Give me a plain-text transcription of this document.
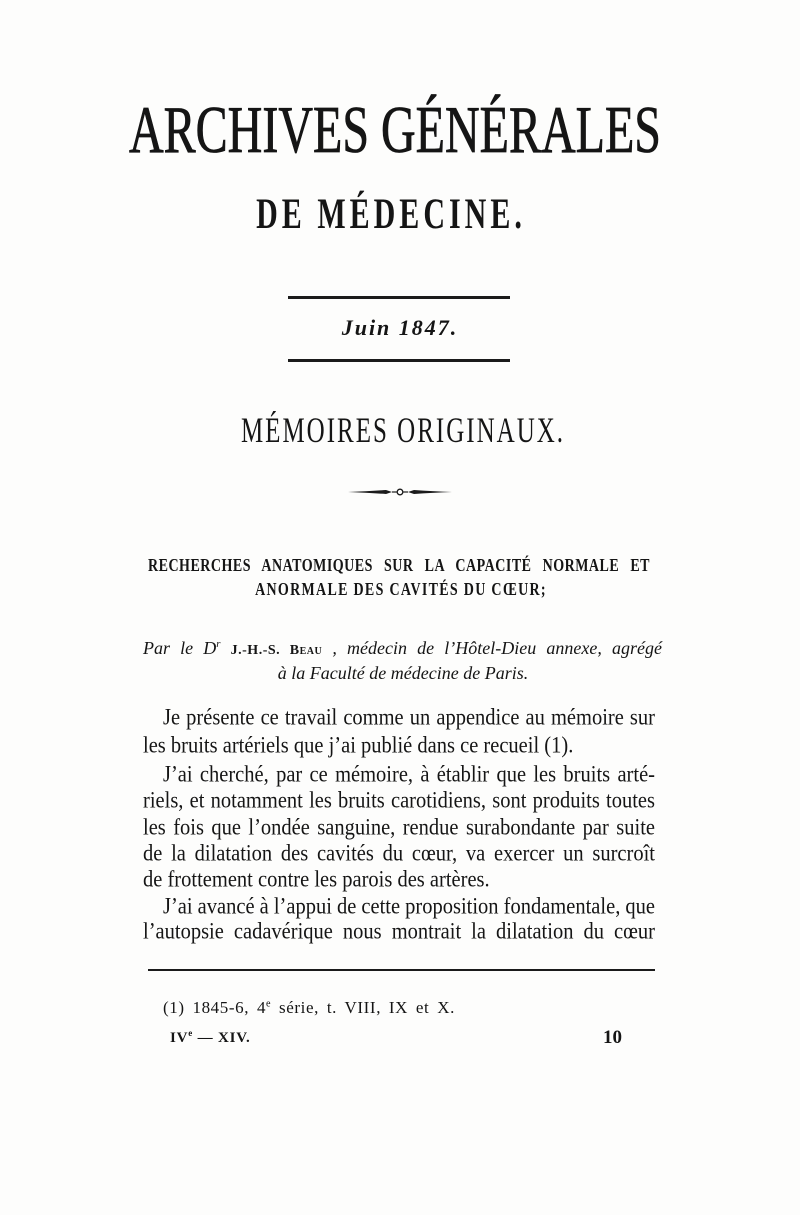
ARCHIVES GÉNÉRALES
DE MÉDECINE.
Juin 1847.
MÉMOIRES ORIGINAUX.
RECHERCHES ANATOMIQUES SUR LA CAPACITÉ NORMALE ET
ANORMALE DES CAVITÉS DU CŒUR;
Par le $D^r$ J.-H.-S. Beau , médecin de l’Hôtel-Dieu annexe, agrégé
à la Faculté de médecine de Paris.
Je présente ce travail comme un appendice au mémoire sur
les bruits artériels que j’ai publié dans ce recueil (1).
J’ai cherché, par ce mémoire, à établir que les bruits arté-
riels, et notamment les bruits carotidiens, sont produits toutes
les fois que l’ondée sanguine, rendue surabondante par suite
de la dilatation des cavités du cœur, va exercer un surcroît
de frottement contre les parois des artères.
J’ai avancé à l’appui de cette proposition fondamentale, que
l’autopsie cadavérique nous montrait la dilatation du cœur
(1) 1845-6, 4e série, t. VIII, IX et X.
IVe — XIV.	10
